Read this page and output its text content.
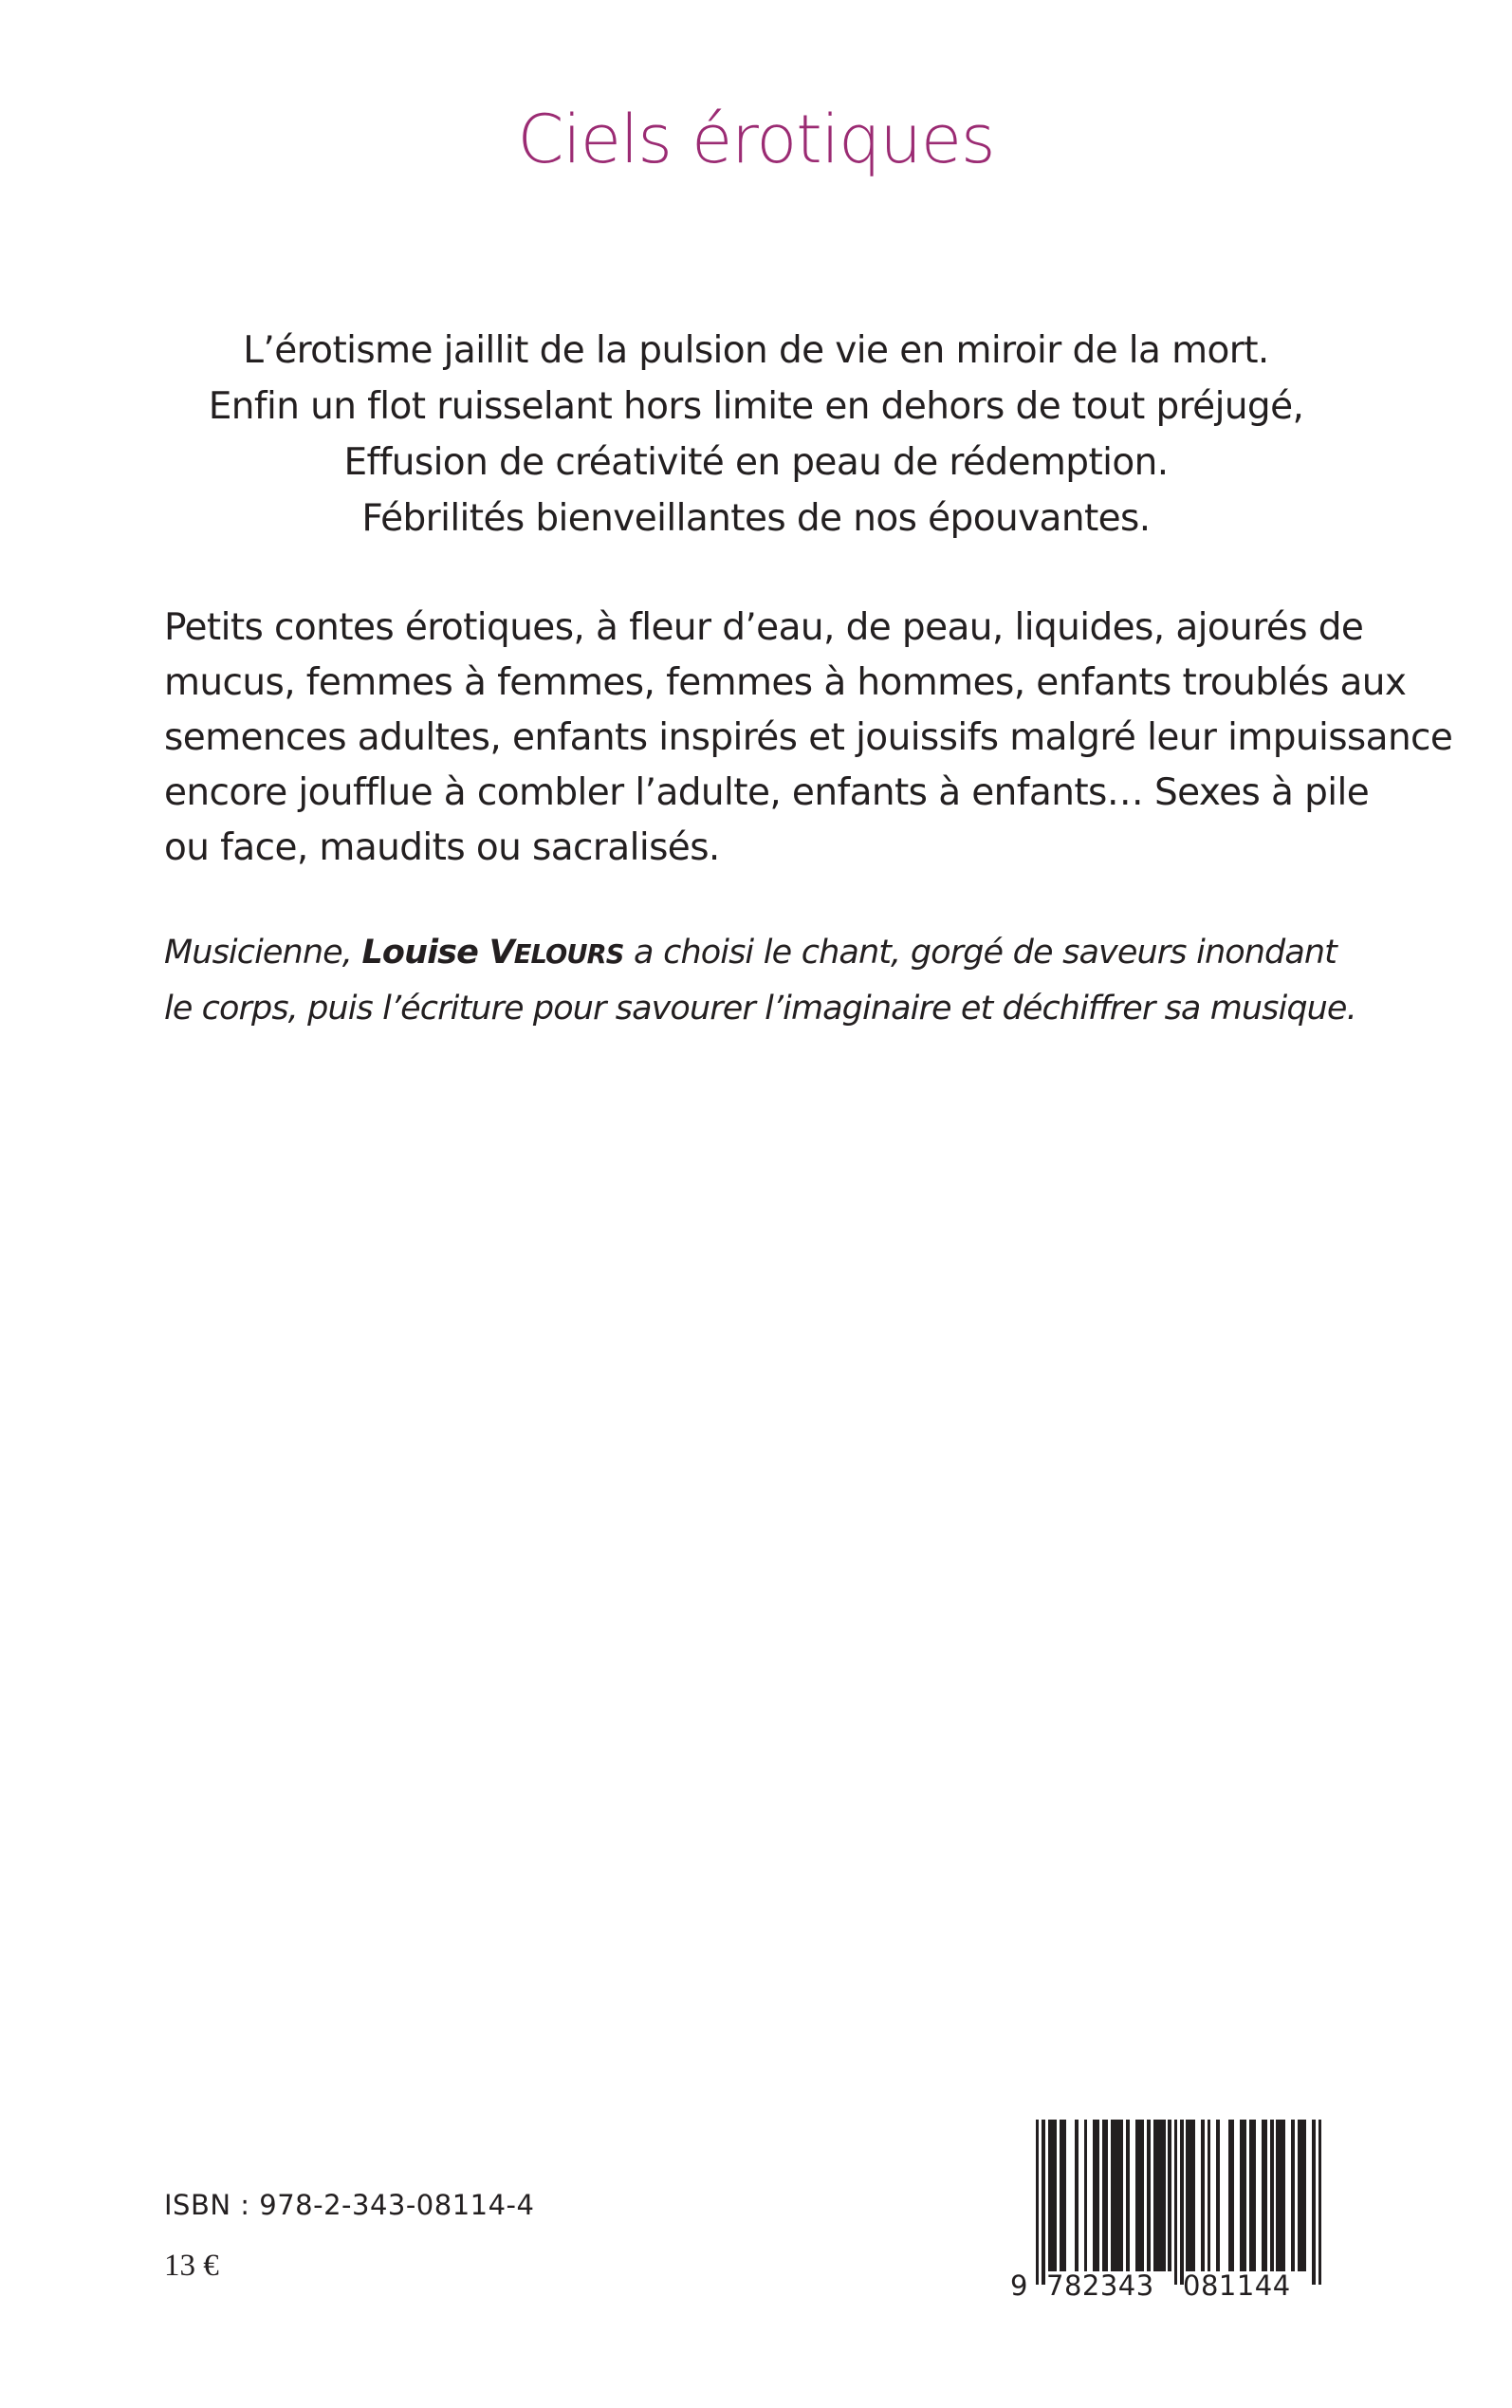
Ciels érotiques
L’érotisme jaillit de la pulsion de vie en miroir de la mort.
Enfin un flot ruisselant hors limite en dehors de tout préjugé,
Effusion de créativité en peau de rédemption.
Fébrilités bienveillantes de nos épouvantes.
Petits contes érotiques, à fleur d’eau, de peau, liquides, ajourés de
mucus, femmes à femmes, femmes à hommes, enfants troublés aux
semences adultes, enfants inspirés et jouissifs malgré leur impuissance
encore joufflue à combler l’adulte, enfants à enfants… Sexes à pile
ou face, maudits ou sacralisés.
Musicienne, Louise VELOURS a choisi le chant, gorgé de saveurs inondant
le corps, puis l’écriture pour savourer l’imaginaire et déchiffrer sa musique.
ISBN : 978-2-343-08114-4
13 €
9 782343 081144
